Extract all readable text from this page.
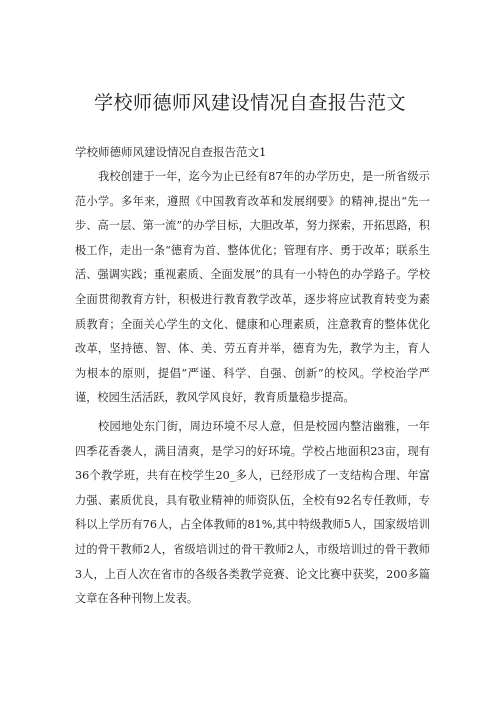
学校师德师风建设情况自查报告范文
学校师德师风建设情况自查报告范文1

我校创建于一年，迄今为止已经有87年的办学历史，是一所省级示范小学。多年来，遵照《中国教育改革和发展纲要》的精神,提出“先一步、高一层、第一流”的办学目标，大胆改革，努力探索，开拓思路，积极工作，走出一条“德育为首、整体优化；管理有序、勇于改革；联系生活、强调实践；重视素质、全面发展”的具有一小特色的办学路子。学校全面贯彻教育方针，积极进行教育教学改革，逐步将应试教育转变为素质教育；全面关心学生的文化、健康和心理素质，注意教育的整体优化改革，坚持德、智、体、美、劳五育并举，德育为先，教学为主，育人为根本的原则，提倡“严谨、科学、自强、创新”的校风。学校治学严谨，校园生活活跃，教风学风良好，教育质量稳步提高。

校园地处东门街，周边环境不尽人意，但是校园内整洁幽雅，一年四季花香袭人，满目清爽，是学习的好环境。学校占地面积23亩，现有36个教学班，共有在校学生20_多人，已经形成了一支结构合理、年富力强、素质优良，具有敬业精神的师资队伍，全校有92名专任教师，专科以上学历有76人，占全体教师的81%,其中特级教师5人，国家级培训过的骨干教师2人，省级培训过的骨干教师2人，市级培训过的骨干教师3人，上百人次在省市的各级各类教学竞赛、论文比赛中获奖，200多篇文章在各种刊物上发表。
